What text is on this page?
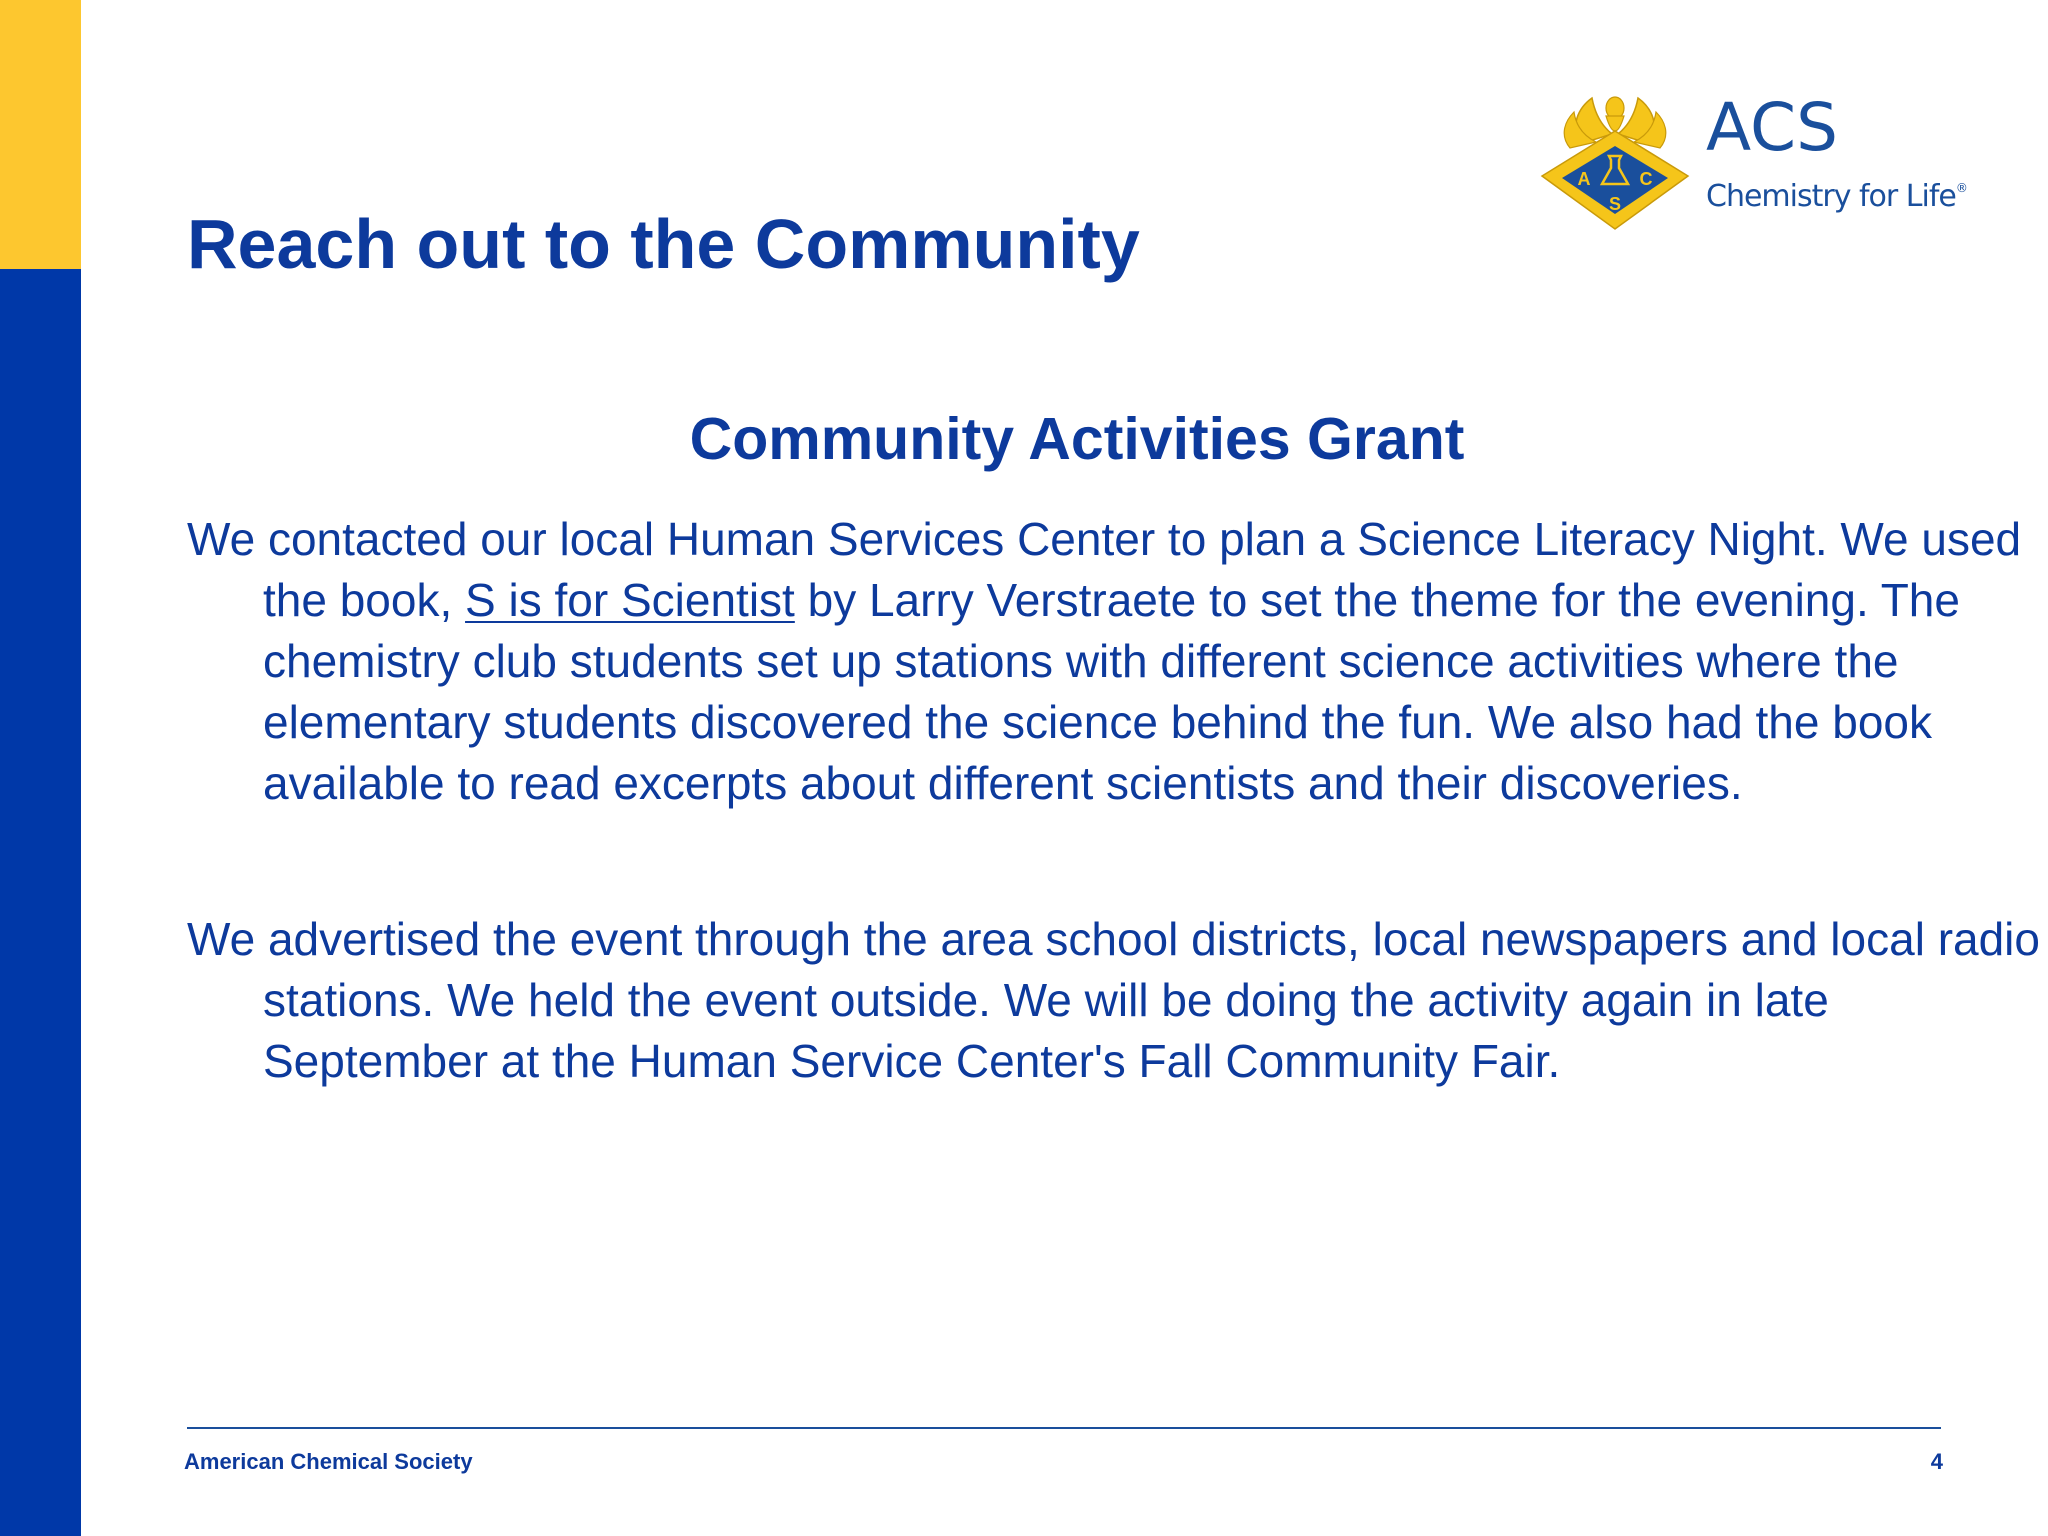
A	C
S
ACS
Chemistry for Life®
Reach out to the Community
Community Activities Grant

We contacted our local Human Services Center to plan a Science Literacy Night. We used the book, S is for Scientist by Larry Verstraete to set the theme for the evening. The chemistry club students set up stations with different science activities where the elementary students discovered the science behind the fun. We also had the book available to read excerpts about different scientists and their discoveries.

We advertised the event through the area school districts, local newspapers and local radio stations. We held the event outside. We will be doing the activity again in late September at the Human Service Center's Fall Community Fair.

American Chemical Society	4
